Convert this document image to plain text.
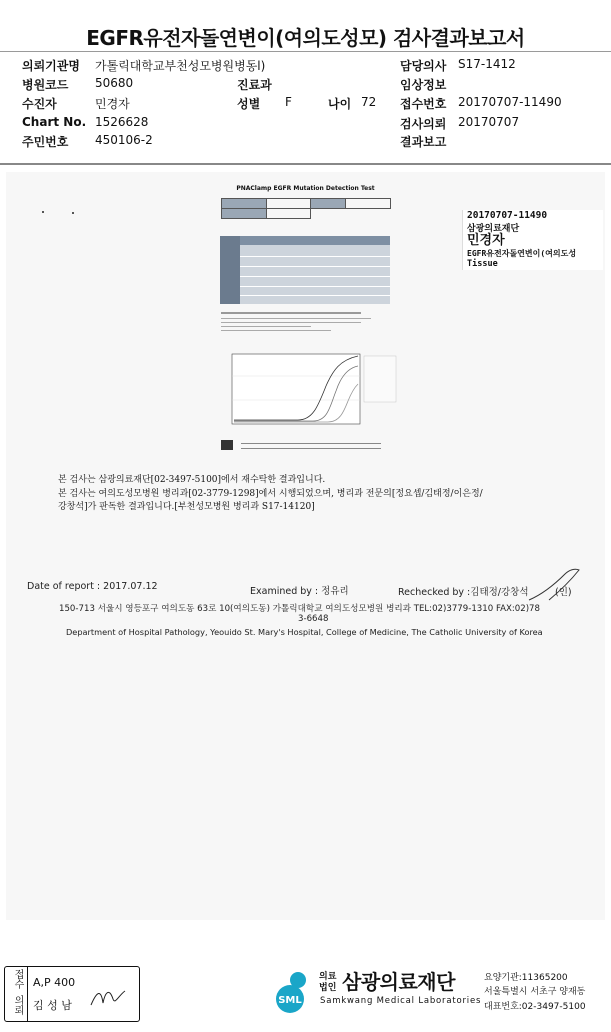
EGFR유전자돌연변이(여의도성모) 검사결과보고서
의뢰기관명 가톨릭대학교부천성모병원병동l)	담당의사 S17-1412
병원코드 50680	진료과	임상정보
수진자	민경자	성별 F	나이 72 접수번호 20170707-11490
Chart No. 1526628	검사의뢰 20170707
주민번호 450106-2	결과보고
PNAClamp EGFR Mutation Detection Test

20170707-11490
삼광의료재단
민경자
EGFR유전자돌연변이(여의도성
Tissue
본 검사는 삼광의료재단[02-3497-5100]에서 재수탁한 결과입니다.
본 검사는 여의도성모병원 병리과[02-3779-1298]에서 시행되었으며, 병리과 전문의[정요셉/김태정/이은정/
강창석]가 판독한 결과입니다.[부천성모병원 병리과 S17-14120]
Date of report : 2017.07.12	Examined by : 정유리	Rechecked by :김태정/강창석	(인)
150-713 서울시 영등포구 여의도동 63로 10(여의도동) 가톨릭대학교 여의도성모병원 병리과 TEL:02)3779-1310 FAX:02)78
3-6648
Department of Hospital Pathology, Yeouido St. Mary's Hospital, College of Medicine, The Catholic University of Korea
접수
의뢰
A,P 400
김 성 남	SML
의료
법인 삼광의료재단
Samkwang Medical Laboratories
요양기관:11365200
서울특별시 서초구 양재동
대표번호:02-3497-5100
